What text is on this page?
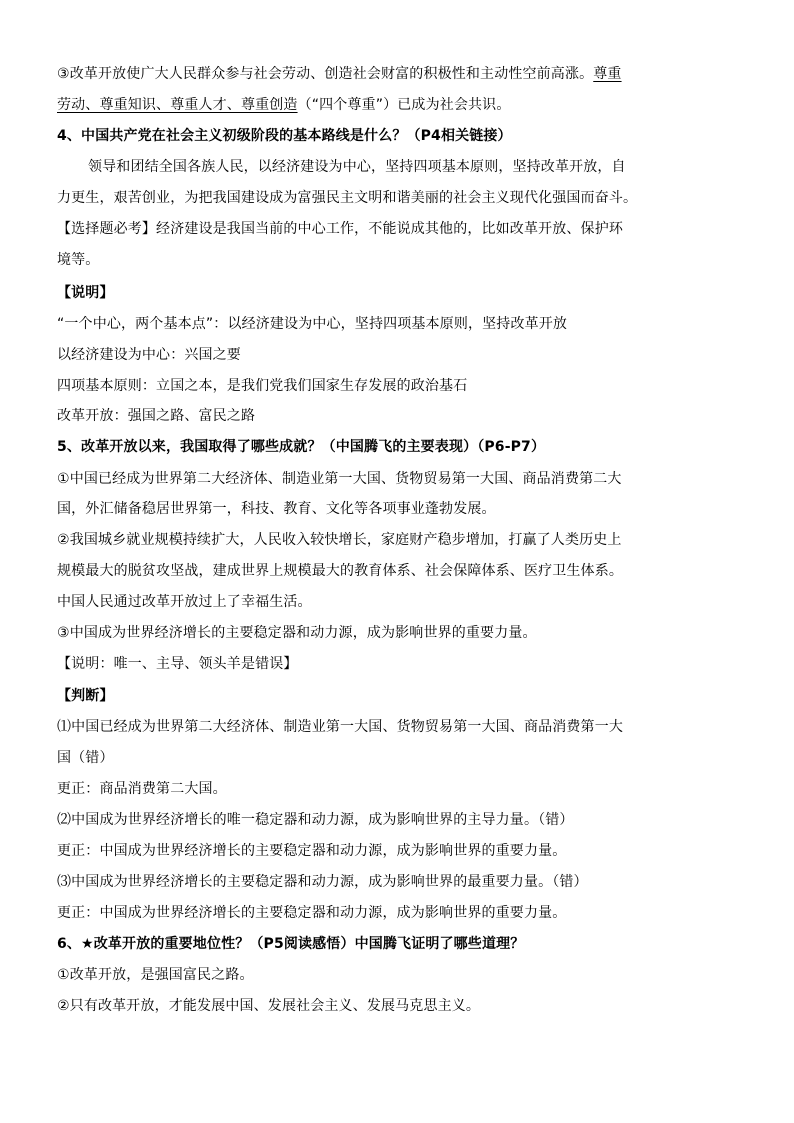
③改革开放使广大人民群众参与社会劳动、创造社会财富的积极性和主动性空前高涨。尊重
劳动、尊重知识、尊重人才、尊重创造（“四个尊重”）已成为社会共识。
4、中国共产党在社会主义初级阶段的基本路线是什么？（P4相关链接）
领导和团结全国各族人民，以经济建设为中心，坚持四项基本原则，坚持改革开放，自
力更生，艰苦创业，为把我国建设成为富强民主文明和谐美丽的社会主义现代化强国而奋斗。
【选择题必考】经济建设是我国当前的中心工作，不能说成其他的，比如改革开放、保护环
境等。
【说明】
“一个中心，两个基本点”：以经济建设为中心，坚持四项基本原则，坚持改革开放
以经济建设为中心：兴国之要
四项基本原则：立国之本，是我们党我们国家生存发展的政治基石
改革开放：强国之路、富民之路
5、改革开放以来，我国取得了哪些成就？（中国腾飞的主要表现）（P6-P7）
①中国已经成为世界第二大经济体、制造业第一大国、货物贸易第一大国、商品消费第二大
国，外汇储备稳居世界第一，科技、教育、文化等各项事业蓬勃发展。
②我国城乡就业规模持续扩大，人民收入较快增长，家庭财产稳步增加，打赢了人类历史上
规模最大的脱贫攻坚战，建成世界上规模最大的教育体系、社会保障体系、医疗卫生体系。
中国人民通过改革开放过上了幸福生活。
③中国成为世界经济增长的主要稳定器和动力源，成为影响世界的重要力量。
【说明：唯一、主导、领头羊是错误】
【判断】
⑴中国已经成为世界第二大经济体、制造业第一大国、货物贸易第一大国、商品消费第一大
国（错）
更正：商品消费第二大国。
⑵中国成为世界经济增长的唯一稳定器和动力源，成为影响世界的主导力量。（错）
更正：中国成为世界经济增长的主要稳定器和动力源，成为影响世界的重要力量。
⑶中国成为世界经济增长的主要稳定器和动力源，成为影响世界的最重要力量。（错）
更正：中国成为世界经济增长的主要稳定器和动力源，成为影响世界的重要力量。
6、★改革开放的重要地位性？（P5阅读感悟）中国腾飞证明了哪些道理？
①改革开放，是强国富民之路。
②只有改革开放，才能发展中国、发展社会主义、发展马克思主义。
